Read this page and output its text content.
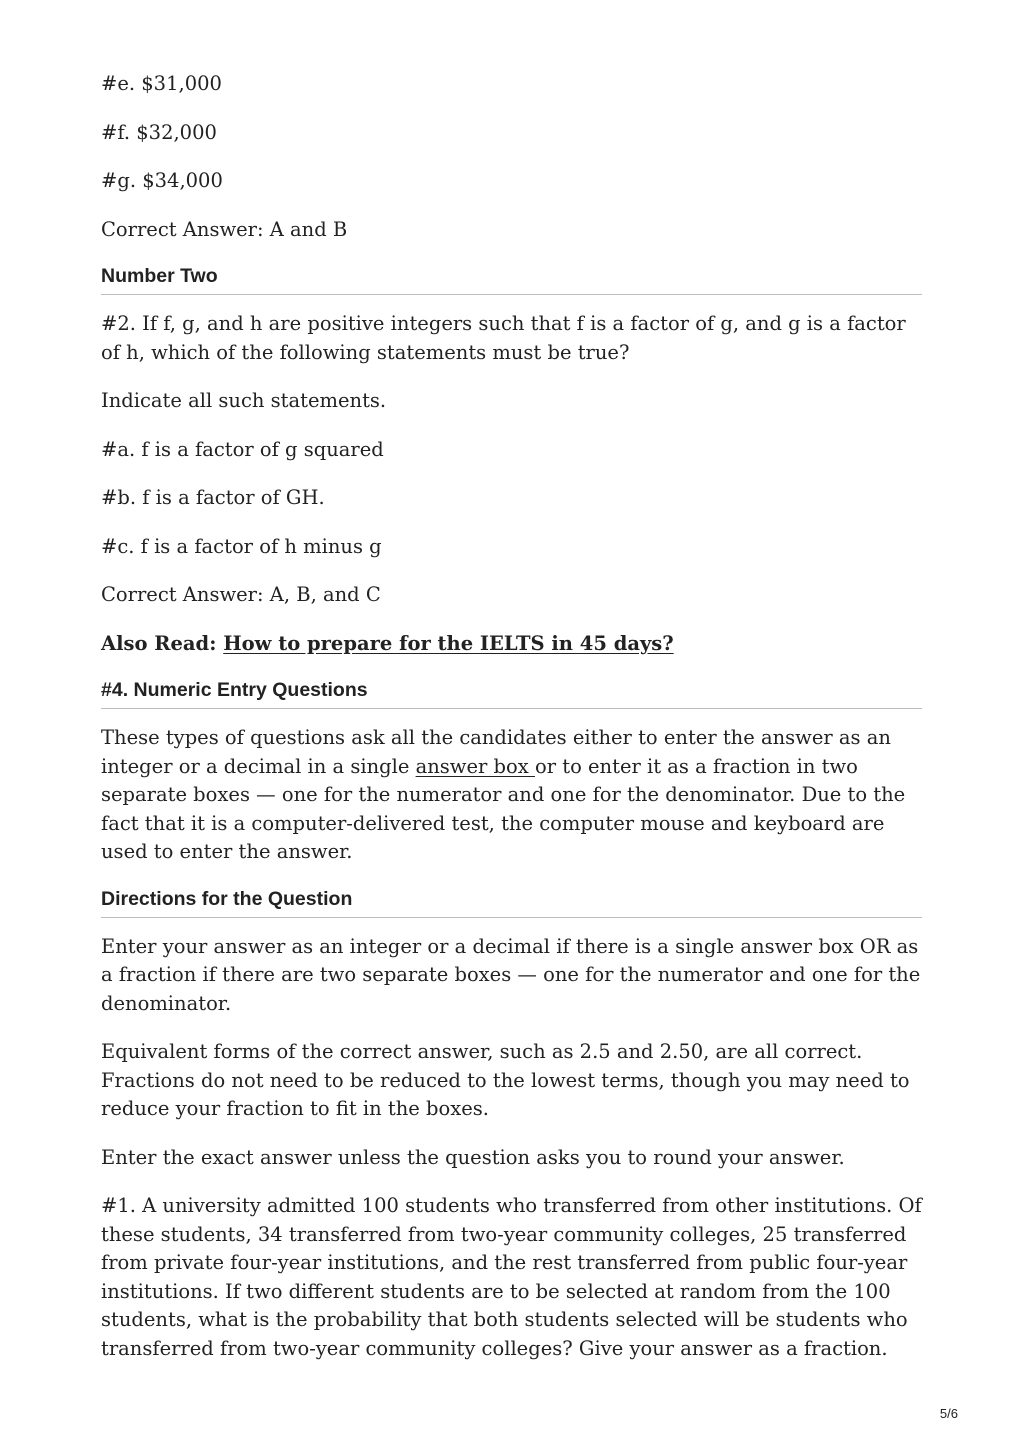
#e. $31,000

#f. $32,000

#g. $34,000

Correct Answer: A and B

Number Two

#2. If f, g, and h are positive integers such that f is a factor of g, and g is a factor of h, which of the following statements must be true?

Indicate all such statements.

#a. f is a factor of g squared

#b. f is a factor of GH.

#c. f is a factor of h minus g

Correct Answer: A, B, and C

Also Read: How to prepare for the IELTS in 45 days?

#4. Numeric Entry Questions

These types of questions ask all the candidates either to enter the answer as an integer or a decimal in a single answer box or to enter it as a fraction in two separate boxes — one for the numerator and one for the denominator. Due to the fact that it is a computer-delivered test, the computer mouse and keyboard are used to enter the answer.

Directions for the Question

Enter your answer as an integer or a decimal if there is a single answer box OR as a fraction if there are two separate boxes — one for the numerator and one for the denominator.

Equivalent forms of the correct answer, such as 2.5 and 2.50, are all correct. Fractions do not need to be reduced to the lowest terms, though you may need to reduce your fraction to fit in the boxes.

Enter the exact answer unless the question asks you to round your answer.

#1. A university admitted 100 students who transferred from other institutions. Of these students, 34 transferred from two-year community colleges, 25 transferred from private four-year institutions, and the rest transferred from public four-year institutions. If two different students are to be selected at random from the 100 students, what is the probability that both students selected will be students who transferred from two-year community colleges? Give your answer as a fraction.

5/6
